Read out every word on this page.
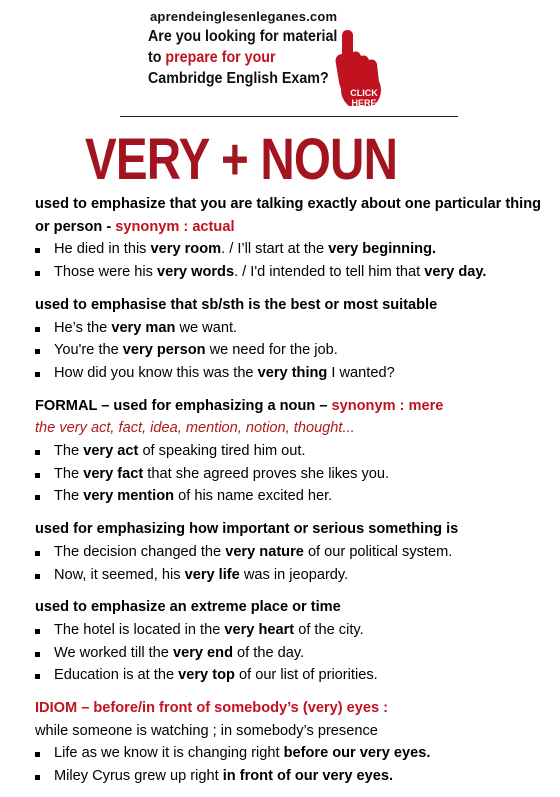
aprendeinglesenleganes.com
Are you looking for material
to prepare for your
Cambridge English Exam?
CLICK
HERE
VERY + NOUN
used to emphasize that you are talking exactly about one particular thing or person - synonym : actual
He died in this very room. / I’ll start at the very beginning.
Those were his very words. / I'd intended to tell him that very day.
used to emphasise that sb/sth is the best or most suitable
He’s the very man we want.
You're the very person we need for the job.
How did you know this was the very thing I wanted?
FORMAL – used for emphasizing a noun – synonym : mere
the very act, fact, idea, mention, notion, thought...
The very act of speaking tired him out.
The very fact that she agreed proves she likes you.
The very mention of his name excited her.
used for emphasizing how important or serious something is
The decision changed the very nature of our political system.
Now, it seemed, his very life was in jeopardy.
used to emphasize an extreme place or time
The hotel is located in the very heart of the city.
We worked till the very end of the day.
Education is at the very top of our list of priorities.
IDIOM – before/in front of somebody’s (very) eyes :
while someone is watching ; in somebody’s presence
Life as we know it is changing right before our very eyes.
Miley Cyrus grew up right in front of our very eyes.
